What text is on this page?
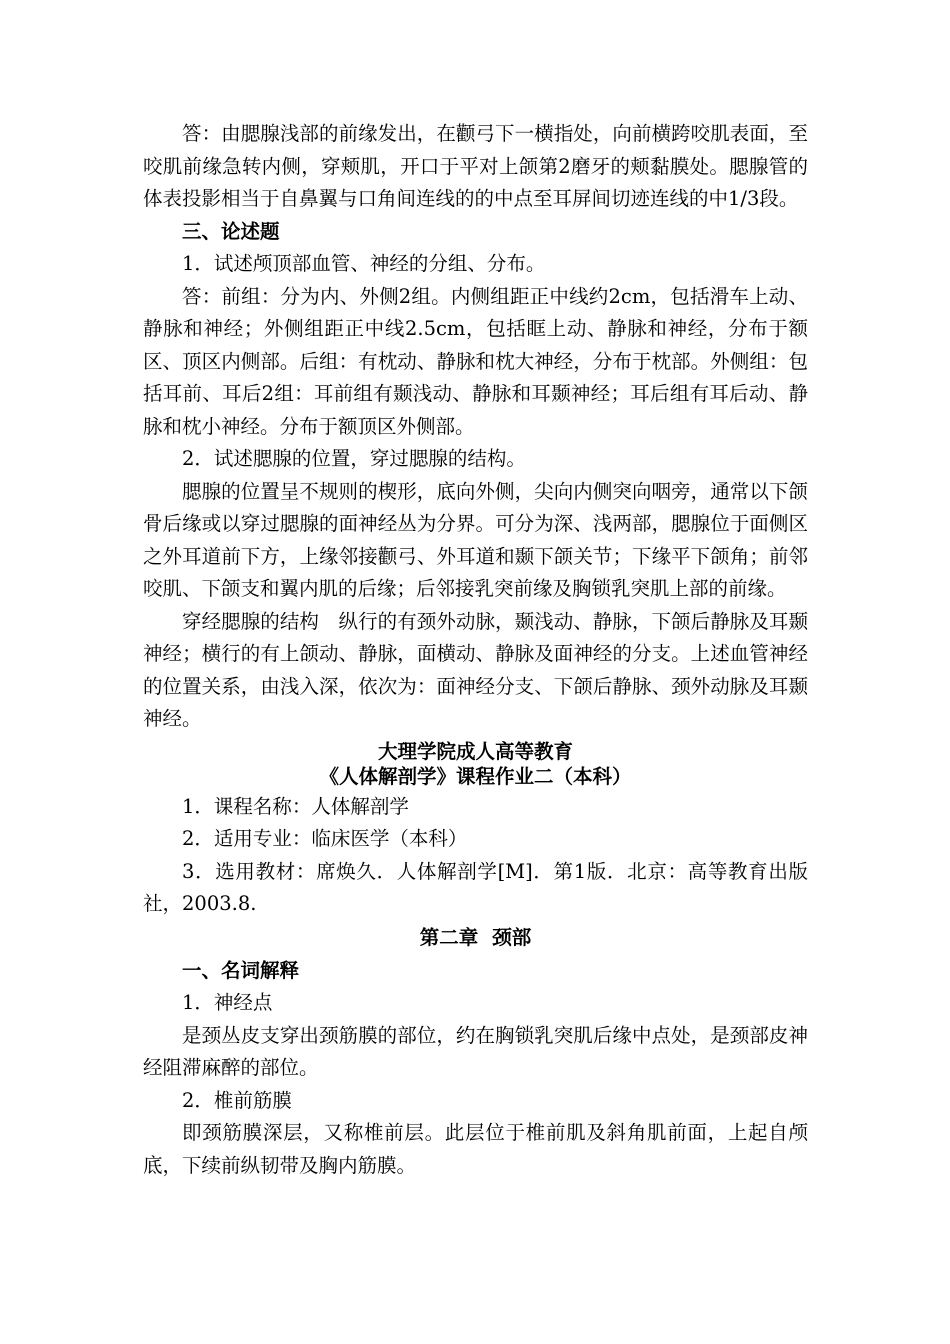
答：由腮腺浅部的前缘发出，在颧弓下一横指处，向前横跨咬肌表面，至咬肌前缘急转内侧，穿颊肌，开口于平对上颌第2磨牙的颊黏膜处。腮腺管的体表投影相当于自鼻翼与口角间连线的的中点至耳屏间切迹连线的中1/3段。

三、论述题

1．试述颅顶部血管、神经的分组、分布。

答：前组：分为内、外侧2组。内侧组距正中线约2cm，包括滑车上动、静脉和神经；外侧组距正中线2.5cm，包括眶上动、静脉和神经，分布于额区、顶区内侧部。后组：有枕动、静脉和枕大神经，分布于枕部。外侧组：包括耳前、耳后2组：耳前组有颞浅动、静脉和耳颞神经；耳后组有耳后动、静脉和枕小神经。分布于额顶区外侧部。

2．试述腮腺的位置，穿过腮腺的结构。

腮腺的位置呈不规则的楔形，底向外侧，尖向内侧突向咽旁，通常以下颌骨后缘或以穿过腮腺的面神经丛为分界。可分为深、浅两部，腮腺位于面侧区之外耳道前下方，上缘邻接颧弓、外耳道和颞下颌关节；下缘平下颌角；前邻咬肌、下颌支和翼内肌的后缘；后邻接乳突前缘及胸锁乳突肌上部的前缘。

穿经腮腺的结构　纵行的有颈外动脉，颞浅动、静脉，下颌后静脉及耳颞神经；横行的有上颌动、静脉，面横动、静脉及面神经的分支。上述血管神经的位置关系，由浅入深，依次为：面神经分支、下颌后静脉、颈外动脉及耳颞神经。

大理学院成人高等教育

《人体解剖学》课程作业二（本科）

1．课程名称：人体解剖学

2．适用专业：临床医学（本科）

3．选用教材：席焕久．人体解剖学[M]．第1版．北京：高等教育出版社，2003.8.

第二章 颈部

一、名词解释

1．神经点

是颈丛皮支穿出颈筋膜的部位，约在胸锁乳突肌后缘中点处，是颈部皮神经阻滞麻醉的部位。

2．椎前筋膜

即颈筋膜深层，又称椎前层。此层位于椎前肌及斜角肌前面，上起自颅底，下续前纵韧带及胸内筋膜。
